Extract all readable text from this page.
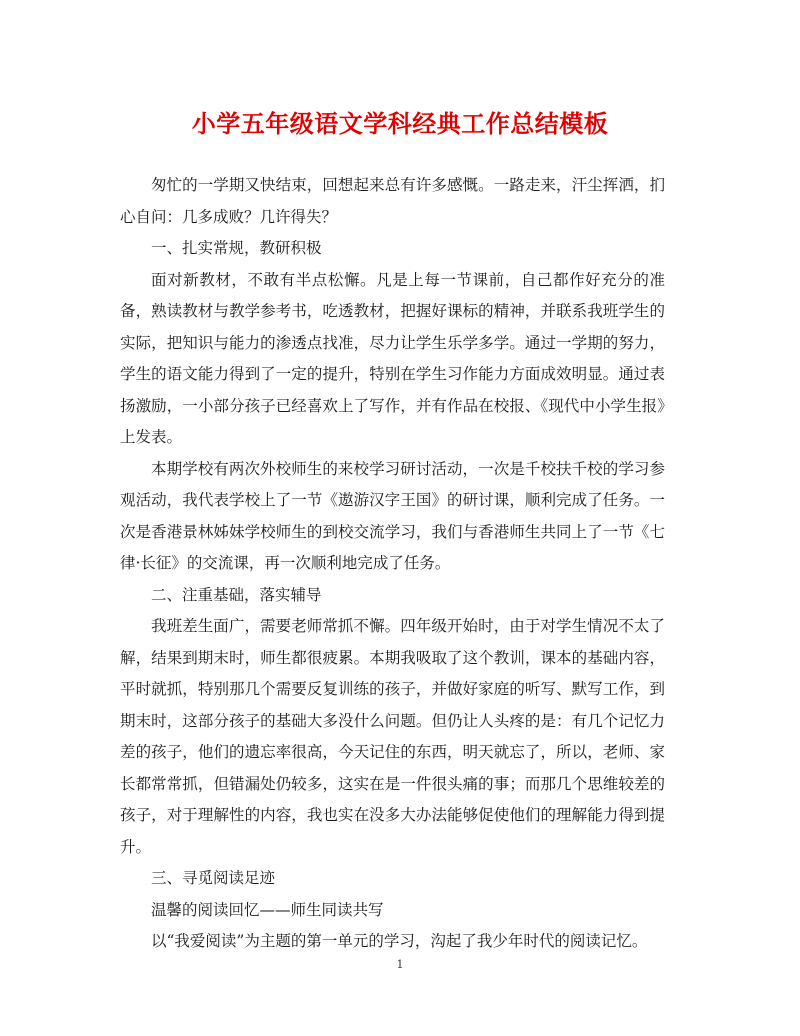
小学五年级语文学科经典工作总结模板

匆忙的一学期又快结束，回想起来总有许多感慨。一路走来，汗尘挥洒，扪心自问：几多成败？几许得失？

一、扎实常规，教研积极

面对新教材，不敢有半点松懈。凡是上每一节课前，自己都作好充分的准备，熟读教材与教学参考书，吃透教材，把握好课标的精神，并联系我班学生的实际，把知识与能力的渗透点找准，尽力让学生乐学多学。通过一学期的努力，学生的语文能力得到了一定的提升，特别在学生习作能力方面成效明显。通过表扬激励，一小部分孩子已经喜欢上了写作，并有作品在校报、《现代中小学生报》上发表。

本期学校有两次外校师生的来校学习研讨活动，一次是千校扶千校的学习参观活动，我代表学校上了一节《遨游汉字王国》的研讨课，顺利完成了任务。一次是香港景林姊妹学校师生的到校交流学习，我们与香港师生共同上了一节《七律·长征》的交流课，再一次顺利地完成了任务。

二、注重基础，落实辅导

我班差生面广，需要老师常抓不懈。四年级开始时，由于对学生情况不太了解，结果到期末时，师生都很疲累。本期我吸取了这个教训，课本的基础内容，平时就抓，特别那几个需要反复训练的孩子，并做好家庭的听写、默写工作，到期末时，这部分孩子的基础大多没什么问题。但仍让人头疼的是：有几个记忆力差的孩子，他们的遗忘率很高，今天记住的东西，明天就忘了，所以，老师、家长都常常抓，但错漏处仍较多，这实在是一件很头痛的事；而那几个思维较差的孩子，对于理解性的内容，我也实在没多大办法能够促使他们的理解能力得到提升。

三、寻觅阅读足迹

温馨的阅读回忆——师生同读共写

以“我爱阅读”为主题的第一单元的学习，沟起了我少年时代的阅读记忆。

1
